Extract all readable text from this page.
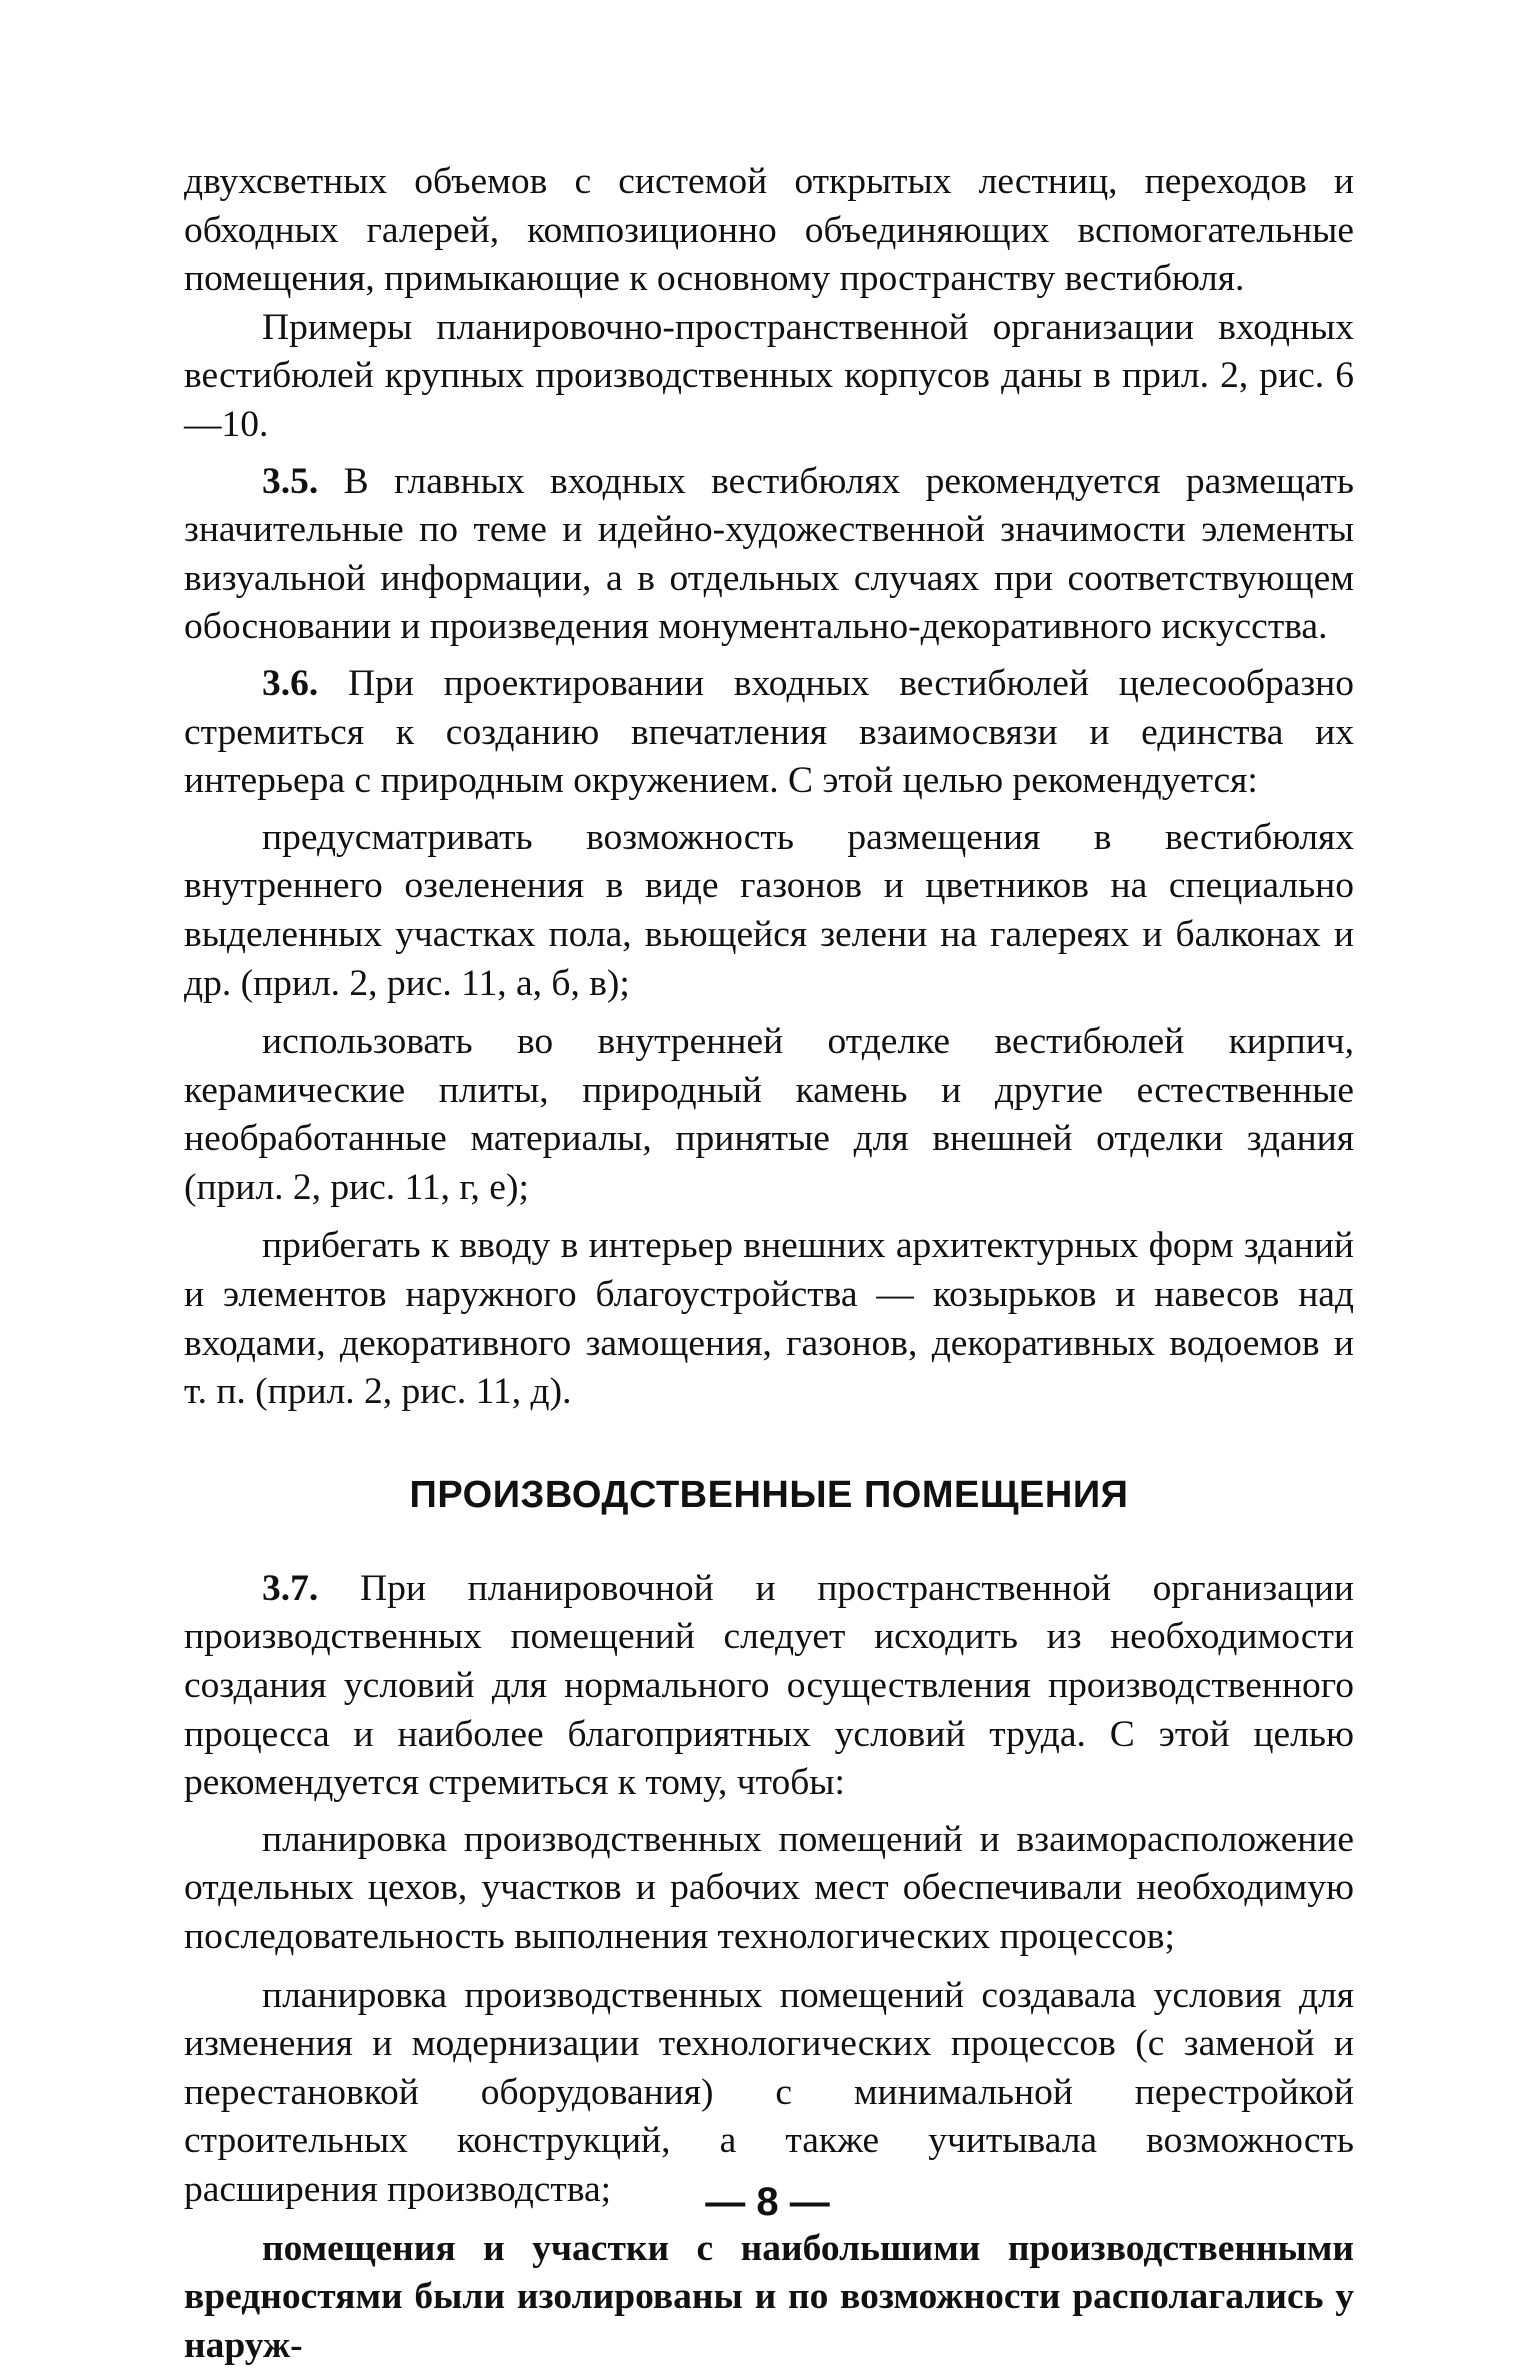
двухсветных объемов с системой открытых лестниц, переходов и обходных галерей, композиционно объединяющих вспомогательные помещения, примыкающие к основному пространству вестибюля.

Примеры планировочно-пространственной организации входных вестибюлей крупных производственных корпусов даны в прил. 2, рис. 6—10.

3.5. В главных входных вестибюлях рекомендуется размещать значительные по теме и идейно-художественной значимости элементы визуальной информации, а в отдельных случаях при соответствующем обосновании и произведения монументально-декоративного искусства.

3.6. При проектировании входных вестибюлей целесообразно стремиться к созданию впечатления взаимосвязи и единства их интерьера с природным окружением. С этой целью рекомендуется:

предусматривать возможность размещения в вестибюлях внутреннего озеленения в виде газонов и цветников на специально выделенных участках пола, вьющейся зелени на галереях и балконах и др. (прил. 2, рис. 11, а, б, в);

использовать во внутренней отделке вестибюлей кирпич, керамические плиты, природный камень и другие естественные необработанные материалы, принятые для внешней отделки здания (прил. 2, рис. 11, г, е);

прибегать к вводу в интерьер внешних архитектурных форм зданий и элементов наружного благоустройства — козырьков и навесов над входами, декоративного замощения, газонов, декоративных водоемов и т. п. (прил. 2, рис. 11, д).

ПРОИЗВОДСТВЕННЫЕ ПОМЕЩЕНИЯ

3.7. При планировочной и пространственной организации производственных помещений следует исходить из необходимости создания условий для нормального осуществления производственного процесса и наиболее благоприятных условий труда. С этой целью рекомендуется стремиться к тому, чтобы:

планировка производственных помещений и взаиморасположение отдельных цехов, участков и рабочих мест обеспечивали необходимую последовательность выполнения технологических процессов;

планировка производственных помещений создавала условия для изменения и модернизации технологических процессов (с заменой и перестановкой оборудования) с минимальной перестройкой строительных конструкций, а также учитывала возможность расширения производства;

помещения и участки с наибольшими производственными вредностями были изолированы и по возможности располагались у наруж-

— 8 —
